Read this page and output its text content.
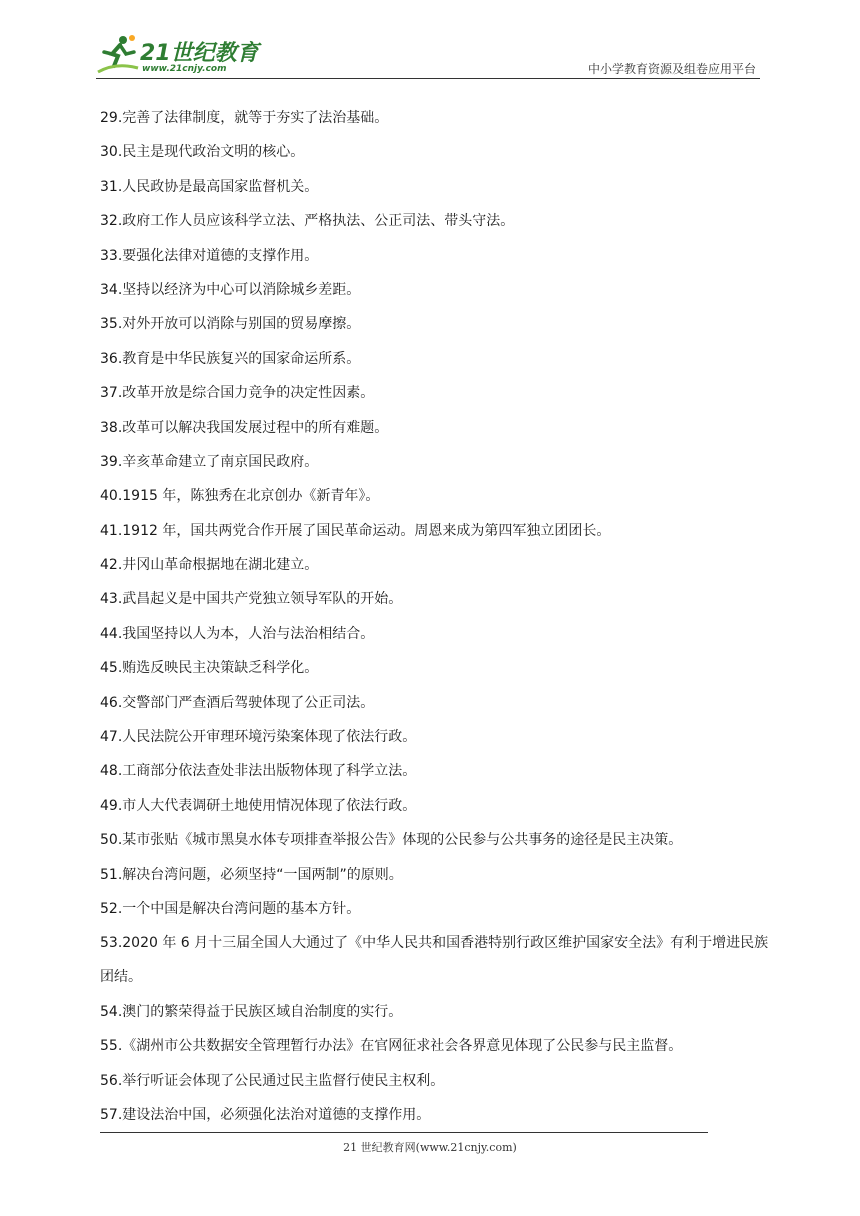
21世纪教育
www.21cnjy.com	中小学教育资源及组卷应用平台

29.完善了法律制度，就等于夯实了法治基础。

30.民主是现代政治文明的核心。

31.人民政协是最高国家监督机关。

32.政府工作人员应该科学立法、严格执法、公正司法、带头守法。

33.要强化法律对道德的支撑作用。

34.坚持以经济为中心可以消除城乡差距。

35.对外开放可以消除与别国的贸易摩擦。

36.教育是中华民族复兴的国家命运所系。

37.改革开放是综合国力竞争的决定性因素。

38.改革可以解决我国发展过程中的所有难题。

39.辛亥革命建立了南京国民政府。

40.1915 年，陈独秀在北京创办《新青年》。

41.1912 年，国共两党合作开展了国民革命运动。周恩来成为第四军独立团团长。

42.井冈山革命根据地在湖北建立。

43.武昌起义是中国共产党独立领导军队的开始。

44.我国坚持以人为本，人治与法治相结合。

45.贿选反映民主决策缺乏科学化。

46.交警部门严查酒后驾驶体现了公正司法。

47.人民法院公开审理环境污染案体现了依法行政。

48.工商部分依法查处非法出版物体现了科学立法。

49.市人大代表调研土地使用情况体现了依法行政。

50.某市张贴《城市黑臭水体专项排查举报公告》体现的公民参与公共事务的途径是民主决策。

51.解决台湾问题，必须坚持“一国两制”的原则。

52.一个中国是解决台湾问题的基本方针。

53.2020 年 6 月十三届全国人大通过了《中华人民共和国香港特别行政区维护国家安全法》有利于增进民族团结。

54.澳门的繁荣得益于民族区域自治制度的实行。

55.《湖州市公共数据安全管理暂行办法》在官网征求社会各界意见体现了公民参与民主监督。

56.举行听证会体现了公民通过民主监督行使民主权利。

57.建设法治中国，必须强化法治对道德的支撑作用。

21 世纪教育网(www.21cnjy.com)
